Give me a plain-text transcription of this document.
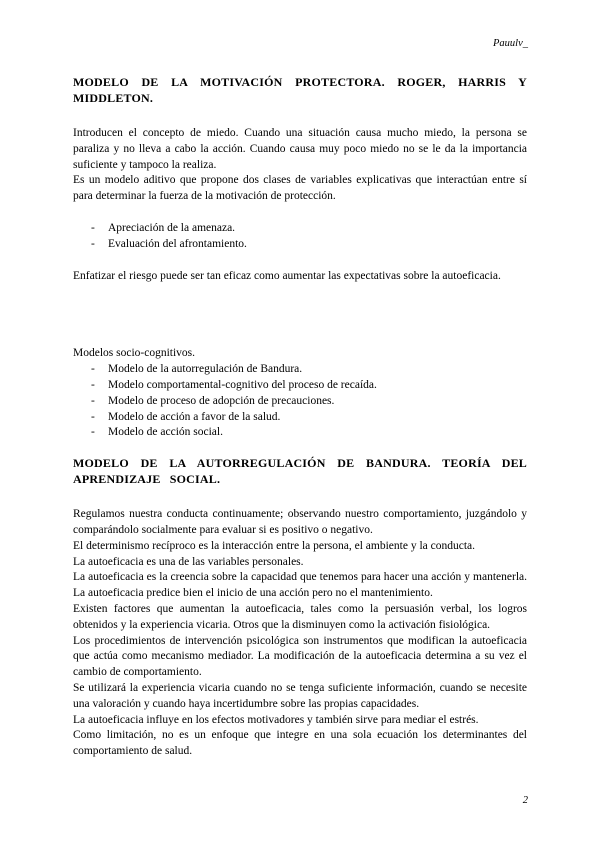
Pauulv_
MODELO DE LA MOTIVACIÓN PROTECTORA. ROGER, HARRIS Y MIDDLETON.

Introducen el concepto de miedo. Cuando una situación causa mucho miedo, la persona se paraliza y no lleva a cabo la acción. Cuando causa muy poco miedo no se le da la importancia suficiente y tampoco la realiza.

Es un modelo aditivo que propone dos clases de variables explicativas que interactúan entre sí para determinar la fuerza de la motivación de protección.

- Apreciación de la amenaza.
- Evaluación del afrontamiento.

Enfatizar el riesgo puede ser tan eficaz como aumentar las expectativas sobre la autoeficacia.

Modelos socio-cognitivos.

- Modelo de la autorregulación de Bandura.
- Modelo comportamental-cognitivo del proceso de recaída.
- Modelo de proceso de adopción de precauciones.
- Modelo de acción a favor de la salud.
- Modelo de acción social.
MODELO DE LA AUTORREGULACIÓN DE BANDURA. TEORÍA DEL APRENDIZAJE SOCIAL.

Regulamos nuestra conducta continuamente; observando nuestro comportamiento, juzgándolo y comparándolo socialmente para evaluar si es positivo o negativo.

El determinismo recíproco es la interacción entre la persona, el ambiente y la conducta.

La autoeficacia es una de las variables personales.

La autoeficacia es la creencia sobre la capacidad que tenemos para hacer una acción y mantenerla. La autoeficacia predice bien el inicio de una acción pero no el mantenimiento.

Existen factores que aumentan la autoeficacia, tales como la persuasión verbal, los logros obtenidos y la experiencia vicaria. Otros que la disminuyen como la activación fisiológica.

Los procedimientos de intervención psicológica son instrumentos que modifican la autoeficacia que actúa como mecanismo mediador. La modificación de la autoeficacia determina a su vez el cambio de comportamiento.

Se utilizará la experiencia vicaria cuando no se tenga suficiente información, cuando se necesite una valoración y cuando haya incertidumbre sobre las propias capacidades.

La autoeficacia influye en los efectos motivadores y también sirve para mediar el estrés.

Como limitación, no es un enfoque que integre en una sola ecuación los determinantes del comportamiento de salud.

2
